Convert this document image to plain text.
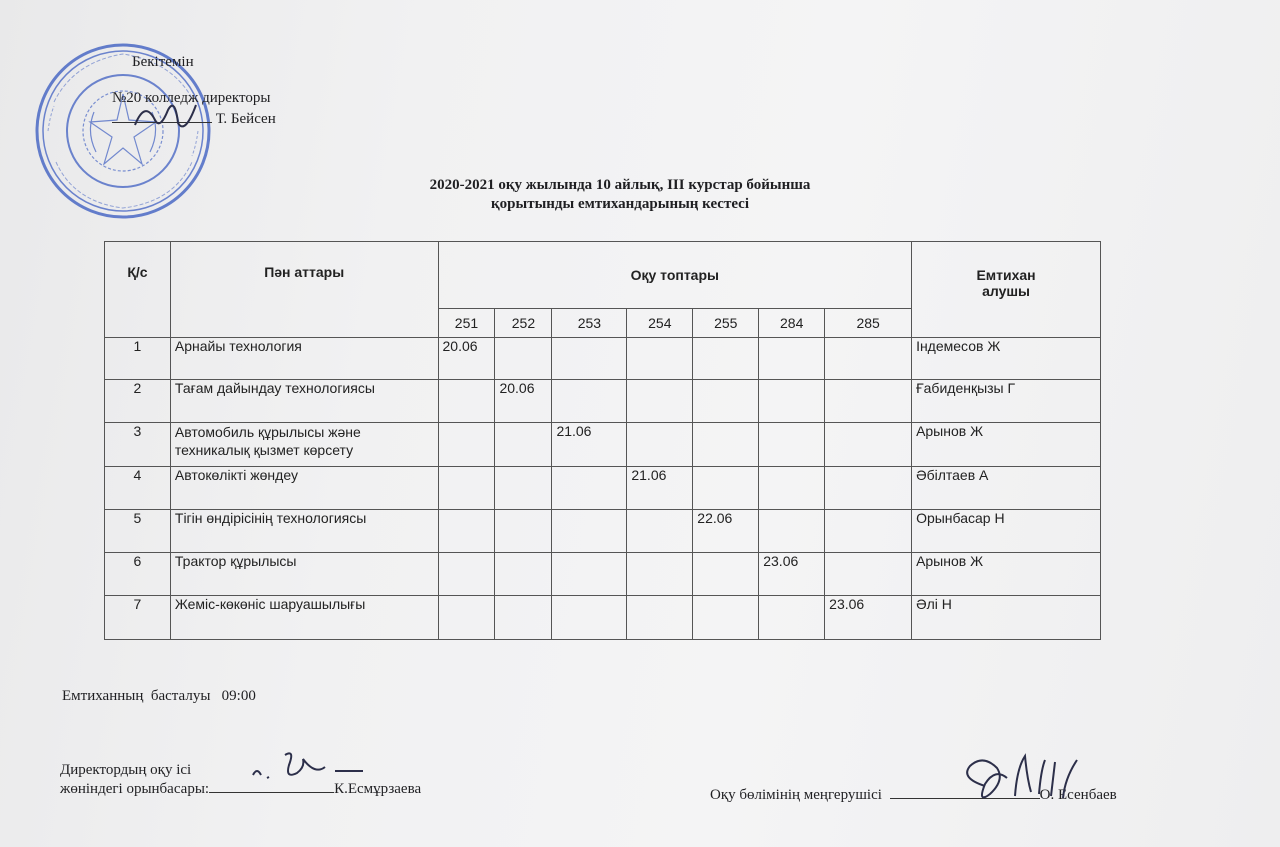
Бекітемін
№20 колледж директоры
Т. Бейсен
2020-2021 оқу жылында 10 айлық, ІІІ курстар бойынша
қорытынды емтихандарының кестесі
Қ/с	Пән аттары	Оқу топтары							Емтихан алушы
		251	252	253	254	255	284	285	
1	Арнайы технология	20.06							Індемесов Ж
2	Тағам дайындау технологиясы		20.06						Ғабиденқызы Г
3	Автомобиль құрылысы және техникалық қызмет көрсету			21.06					Арынов Ж
4	Автокөлікті жөндеу				21.06				Әбілтаев А
5	Тігін өндірісінің технологиясы					22.06			Орынбасар Н
6	Трактор құрылысы						23.06		Арынов Ж
7	Жеміс-көкөніс шаруашылығы							23.06	Әлі Н
Емтиханның  басталуы   09:00
Директордың оқу ісі
жөніндегі орынбасары:	К.Есмұрзаева	Оқу бөлімінің меңгерушісі	О. Есенбаев
